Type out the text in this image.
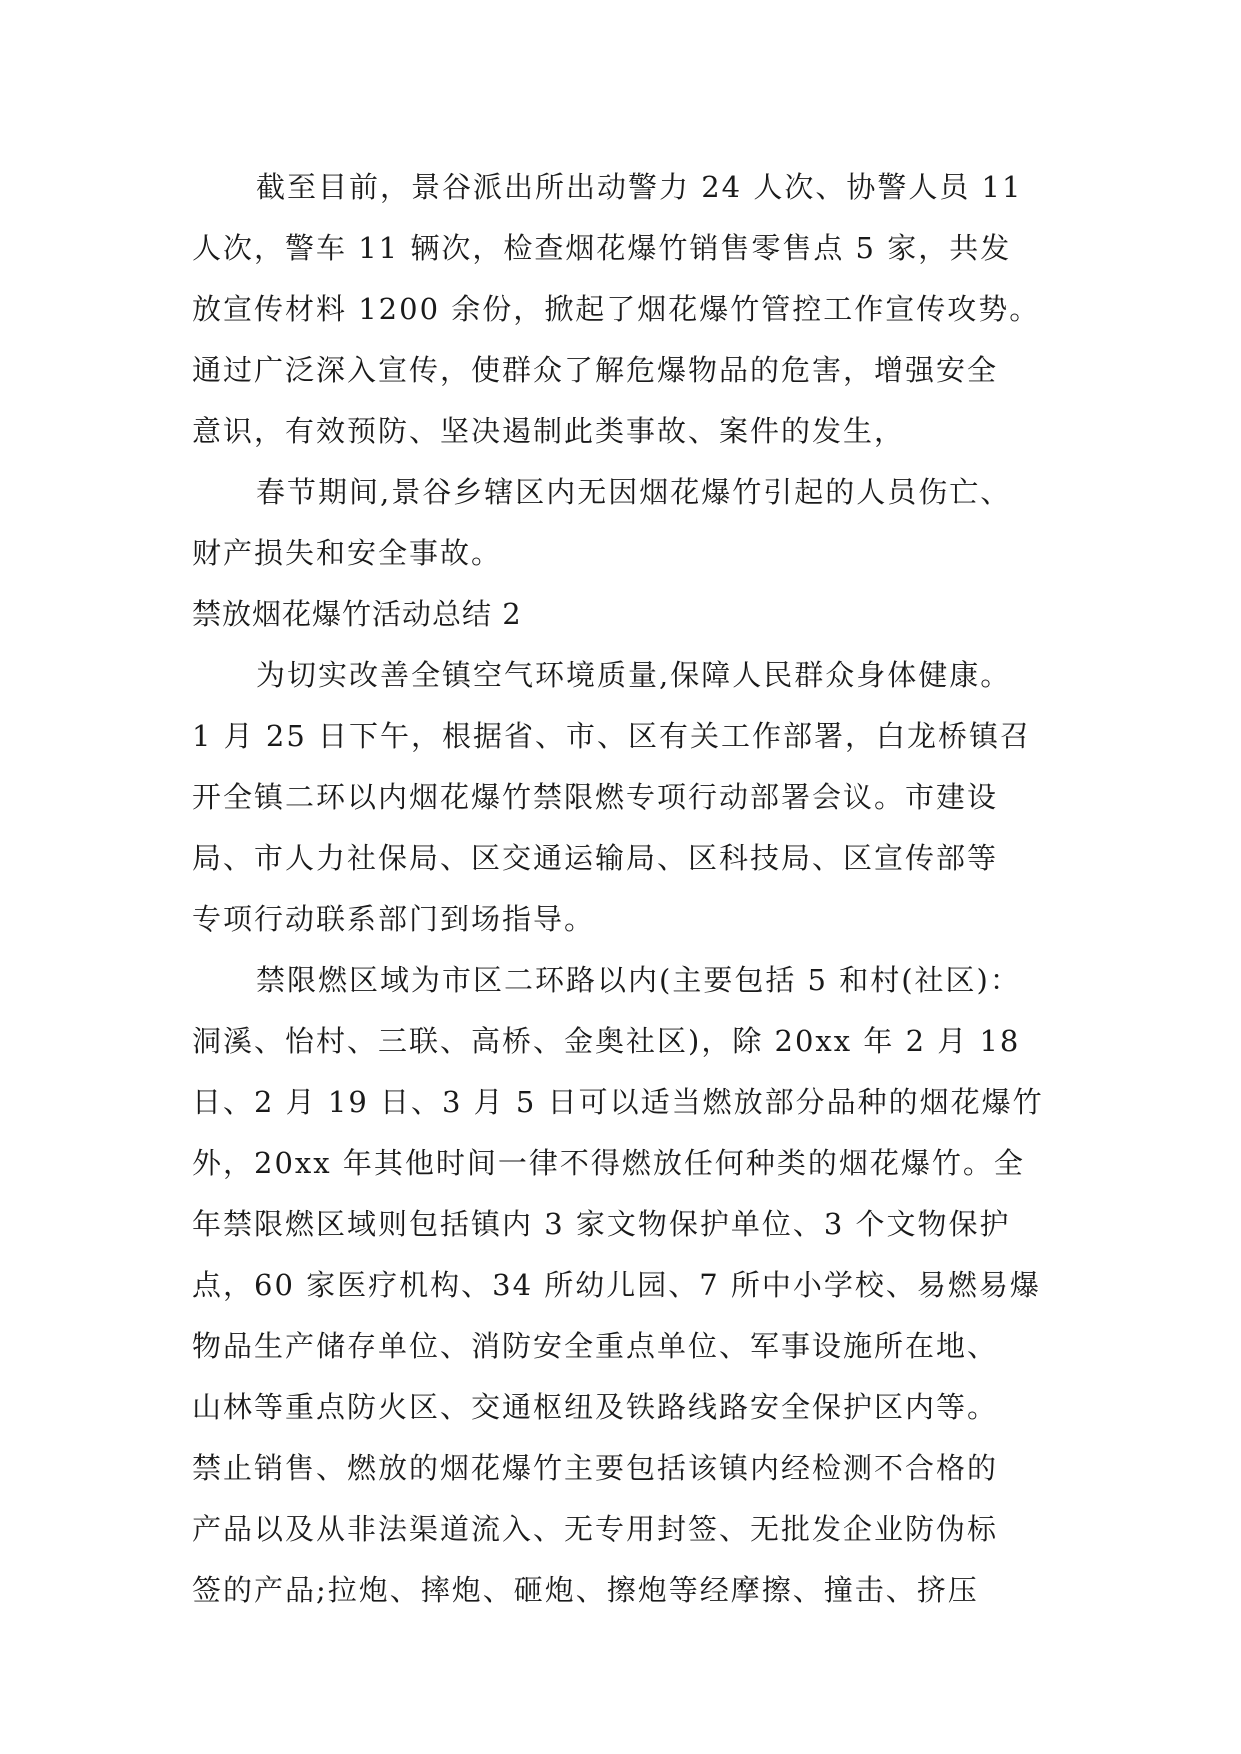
截至目前，景谷派出所出动警力 24 人次、协警人员 11
人次，警车 11 辆次，检查烟花爆竹销售零售点 5 家，共发
放宣传材料 1200 余份，掀起了烟花爆竹管控工作宣传攻势。
通过广泛深入宣传，使群众了解危爆物品的危害，增强安全
意识，有效预防、坚决遏制此类事故、案件的发生，
春节期间,景谷乡辖区内无因烟花爆竹引起的人员伤亡、
财产损失和安全事故。
禁放烟花爆竹活动总结 2
为切实改善全镇空气环境质量,保障人民群众身体健康。
1 月 25 日下午，根据省、市、区有关工作部署，白龙桥镇召
开全镇二环以内烟花爆竹禁限燃专项行动部署会议。市建设
局、市人力社保局、区交通运输局、区科技局、区宣传部等
专项行动联系部门到场指导。
禁限燃区域为市区二环路以内(主要包括 5 和村(社区)：
洞溪、怡村、三联、高桥、金奥社区)，除 20xx 年 2 月 18
日、2 月 19 日、3 月 5 日可以适当燃放部分品种的烟花爆竹
外，20xx 年其他时间一律不得燃放任何种类的烟花爆竹。全
年禁限燃区域则包括镇内 3 家文物保护单位、3 个文物保护
点，60 家医疗机构、34 所幼儿园、7 所中小学校、易燃易爆
物品生产储存单位、消防安全重点单位、军事设施所在地、
山林等重点防火区、交通枢纽及铁路线路安全保护区内等。
禁止销售、燃放的烟花爆竹主要包括该镇内经检测不合格的
产品以及从非法渠道流入、无专用封签、无批发企业防伪标
签的产品;拉炮、摔炮、砸炮、擦炮等经摩擦、撞击、挤压
